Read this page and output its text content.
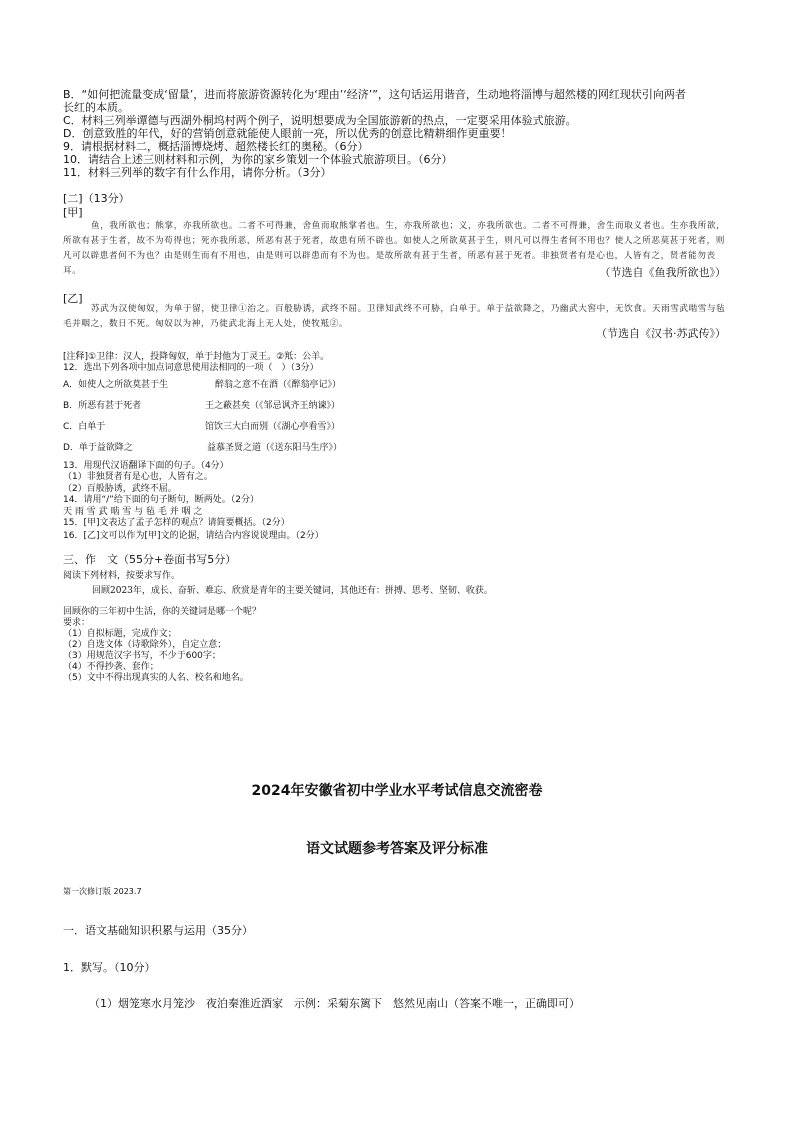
B．“如何把流量变成‘留量’，进而将旅游资源转化为‘理由’‘经济’”，这句话运用谐音，生动地将淄博与超然楼的网红现状引向两者
长红的本质。
C．材料三列举谭德与西湖外桐坞村两个例子，说明想要成为全国旅游新的热点，一定要采用体验式旅游。
D．创意致胜的年代，好的营销创意就能使人眼前一亮，所以优秀的创意比精耕细作更重要！
9．请根据材料二，概括淄博烧烤、超然楼长红的奥秘。（6分）
10．请结合上述三则材料和示例，为你的家乡策划一个体验式旅游项目。（6分）
11．材料三列举的数字有什么作用，请你分析。（3分）
[二]（13分）
[甲]
鱼，我所欲也；熊掌，亦我所欲也。二者不可得兼，舍鱼而取熊掌者也。生，亦我所欲也；义，亦我所欲也。二者不可得兼，舍生而取义者也。生亦我所欲，所欲有甚于生者，故不为苟得也；死亦我所恶，所恶有甚于死者，故患有所不辟也。如使人之所欲莫甚于生，则凡可以得生者何不用也？使人之所恶莫甚于死者，则凡可以辟患者何不为也？由是则生而有不用也，由是则可以辟患而有不为也。是故所欲有甚于生者，所恶有甚于死者。非独贤者有是心也，人皆有之，贤者能勿丧耳。	（节选自《鱼我所欲也》）
[乙]
苏武为汉使匈奴，为单于留，使卫律①治之。百般胁诱，武终不屈。卫律知武终不可胁，白单于。单于益欲降之，乃幽武大窖中，无饮食。天雨雪武啮雪与毡毛并咽之，数日不死。匈奴以为神，乃徙武北海上无人处，使牧羝②。
（节选自《汉书·苏武传》）
[注释]①卫律：汉人，投降匈奴，单于封他为丁灵王。②羝：公羊。
12．选出下列各项中加点词意思使用法相同的一项（　）（3分）
A．如使人之所欲莫甚于生	醉翁之意不在酒（《醉翁亭记》）
B．所恶有甚于死者	王之蔽甚矣（《邹忌讽齐王纳谏》）
C．白单于	馆饮三大白而别（《湖心亭看雪》）
D．单于益欲降之	益慕圣贤之道（《送东阳马生序》）
13．用现代汉语翻译下面的句子。（4分）
（1）非独贤者有是心也，人皆有之。
（2）百般胁诱，武终不屈。
14．请用“/”给下面的句子断句，断两处。（2分）
天 雨 雪 武 啮 雪 与 毡 毛 并 咽 之
15．[甲]文表达了孟子怎样的观点？请简要概括。（2分）
16．[乙]文可以作为[甲]文的论据，请结合内容说说理由。（2分）
三、作　文（55分+卷面书写5分）
阅读下列材料，按要求写作。
回顾2023年，成长、奋斩、难忘、欣赏是青年的主要关键词，其他还有：拼搏、思考、坚韧、收获。
回顾你的三年初中生活，你的关键词是哪一个呢？
要求：
（1）自拟标题，完成作文；
（2）自选文体（诗歌除外），自定立意；
（3）用规范汉字书写，不少于600字；
（4）不得抄袭、套作；
（5）文中不得出现真实的人名、校名和地名。
2024年安徽省初中学业水平考试信息交流密卷
语文试题参考答案及评分标准
第一次修订版 2023.7
一．语文基础知识积累与运用（35分）
1．默写。（10分）
（1）烟笼寒水月笼沙　夜泊秦淮近酒家　示例：采菊东篱下　悠然见南山（答案不唯一，正确即可）
